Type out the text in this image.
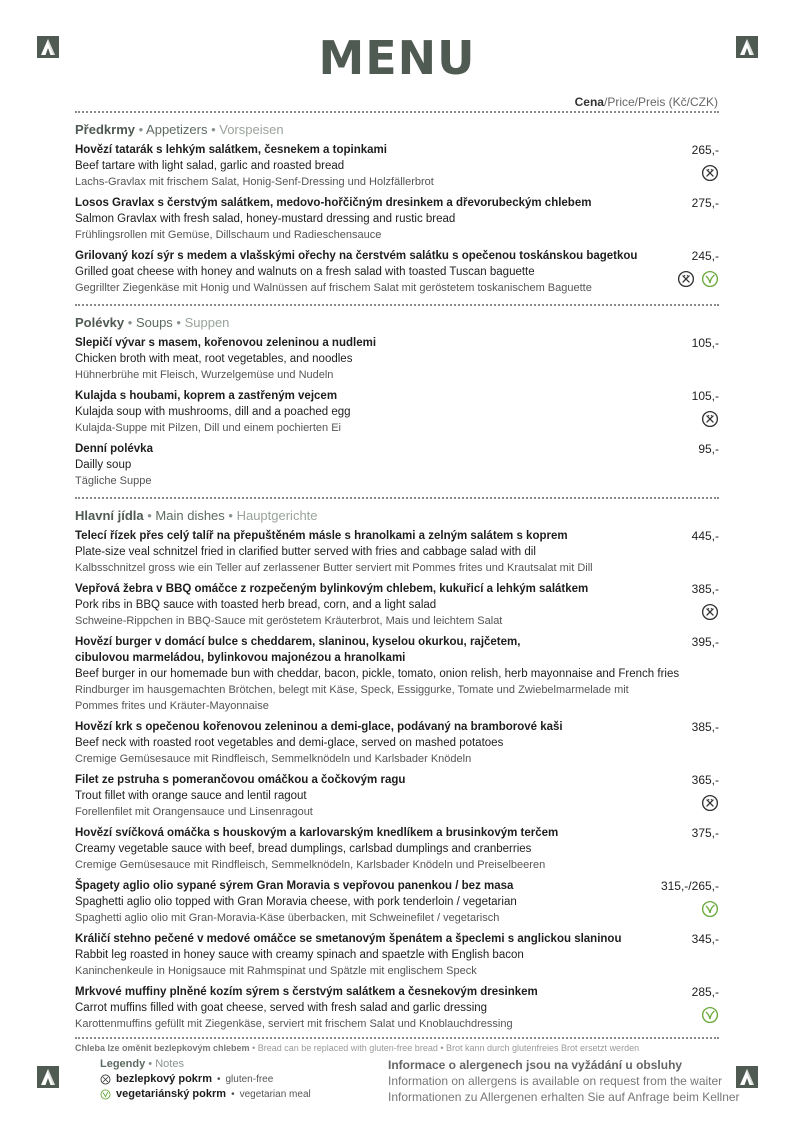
MENU
Cena/Price/Preis (Kč/CZK)
Předkrmy • Appetizers • Vorspeisen
Hovězí tatarák s lehkým salátkem, česnekem a topinkami
Beef tartare with light salad, garlic and roasted bread
Lachs-Gravlax mit frischem Salat, Honig-Senf-Dressing und Holzfällerbrot
265,-
Losos Gravlax s čerstvým salátkem, medovo-hořčičným dresinkem a dřevorubeckým chlebem
Salmon Gravlax with fresh salad, honey-mustard dressing and rustic bread
Frühlingsrollen mit Gemüse, Dillschaum und Radieschensauce
275,-
Grilovaný kozí sýr s medem a vlašskými ořechy na čerstvém salátku s opečenou toskánskou bagetkou
Grilled goat cheese with honey and walnuts on a fresh salad with toasted Tuscan baguette
Gegrillter Ziegenkäse mit Honig und Walnüssen auf frischem Salat mit geröstetem toskanischem Baguette
245,-
Polévky • Soups • Suppen
Slepičí vývar s masem, kořenovou zeleninou a nudlemi
Chicken broth with meat, root vegetables, and noodles
Hühnerbrühe mit Fleisch, Wurzelgemüse und Nudeln
105,-
Kulajda s houbami, koprem a zastřeným vejcem
Kulajda soup with mushrooms, dill and a poached egg
Kulajda-Suppe mit Pilzen, Dill und einem pochierten Ei
105,-
Denní polévka
Dailly soup
Tägliche Suppe
95,-
Hlavní jídla • Main dishes • Hauptgerichte
Telecí řízek přes celý talíř na přepuštěném másle s hranolkami a zelným salátem s koprem
Plate-size veal schnitzel fried in clarified butter served with fries and cabbage salad with dil
Kalbsschnitzel gross wie ein Teller auf zerlassener Butter serviert mit Pommes frites und Krautsalat mit Dill
445,-
Vepřová žebra v BBQ omáčce z rozpečeným bylinkovým chlebem, kukuřicí a lehkým salátkem
Pork ribs in BBQ sauce with toasted herb bread, corn, and a light salad
Schweine-Rippchen in BBQ-Sauce mit geröstetem Kräuterbrot, Mais und leichtem Salat
385,-
Hovězí burger v domácí bulce s cheddarem, slaninou, kyselou okurkou, rajčetem, cibulovou marmeládou, bylinkovou majonézou a hranolkami
Beef burger in our homemade bun with cheddar, bacon, pickle, tomato, onion relish, herb mayonnaise and French fries
Rindburger im hausgemachten Brötchen, belegt mit Käse, Speck, Essiggurke, Tomate und Zwiebelmarmelade mit Pommes frites und Kräuter-Mayonnaise
395,-
Hovězí krk s opečenou kořenovou zeleninou a demi-glace, podávaný na bramborové kaši
Beef neck with roasted root vegetables and demi-glace, served on mashed potatoes
Cremige Gemüsesauce mit Rindfleisch, Semmelknödeln und Karlsbader Knödeln
385,-
Filet ze pstruha s pomerančovou omáčkou a čočkovým ragu
Trout fillet with orange sauce and lentil ragout
Forellenfilet mit Orangensauce und Linsenragout
365,-
Hovězí svíčková omáčka s houskovým a karlovarským knedlíkem a brusinkovým terčem
Creamy vegetable sauce with beef, bread dumplings, carlsbad dumplings and cranberries
Cremige Gemüsesauce mit Rindfleisch, Semmelknödeln, Karlsbader Knödeln und Preiselbeeren
375,-
Špagety aglio olio sypané sýrem Gran Moravia s vepřovou panenkou / bez masa
Spaghetti aglio olio topped with Gran Moravia cheese, with pork tenderloin / vegetarian
Spaghetti aglio olio mit Gran-Moravia-Käse überbacken, mit Schweinefilet / vegetarisch
315,-/265,-
Králičí stehno pečené v medové omáčce se smetanovým špenátem a špeclemi s anglickou slaninou
Rabbit leg roasted in honey sauce with creamy spinach and spaetzle with English bacon
Kaninchenkeule in Honigsauce mit Rahmspinat und Spätzle mit englischem Speck
345,-
Mrkvové muffiny plněné kozím sýrem s čerstvým salátkem a česnekovým dresinkem
Carrot muffins filled with goat cheese, served with fresh salad and garlic dressing
Karottenmuffins gefüllt mit Ziegenkäse, serviert mit frischem Salat und Knoblauchdressing
285,-
Chleba lze oměnit bezlepkovým chlebem • Bread can be replaced with gluten-free bread • Brot kann durch glutenfreies Brot ersetzt werden
Legendy • Notes
bezlepkový pokrm • gluten-free
vegetariánský pokrm • vegetarian meal
Informace o alergenech jsou na vyžádání u obsluhy
Information on allergens is available on request from the waiter
Informationen zu Allergenen erhalten Sie auf Anfrage beim Kellner
